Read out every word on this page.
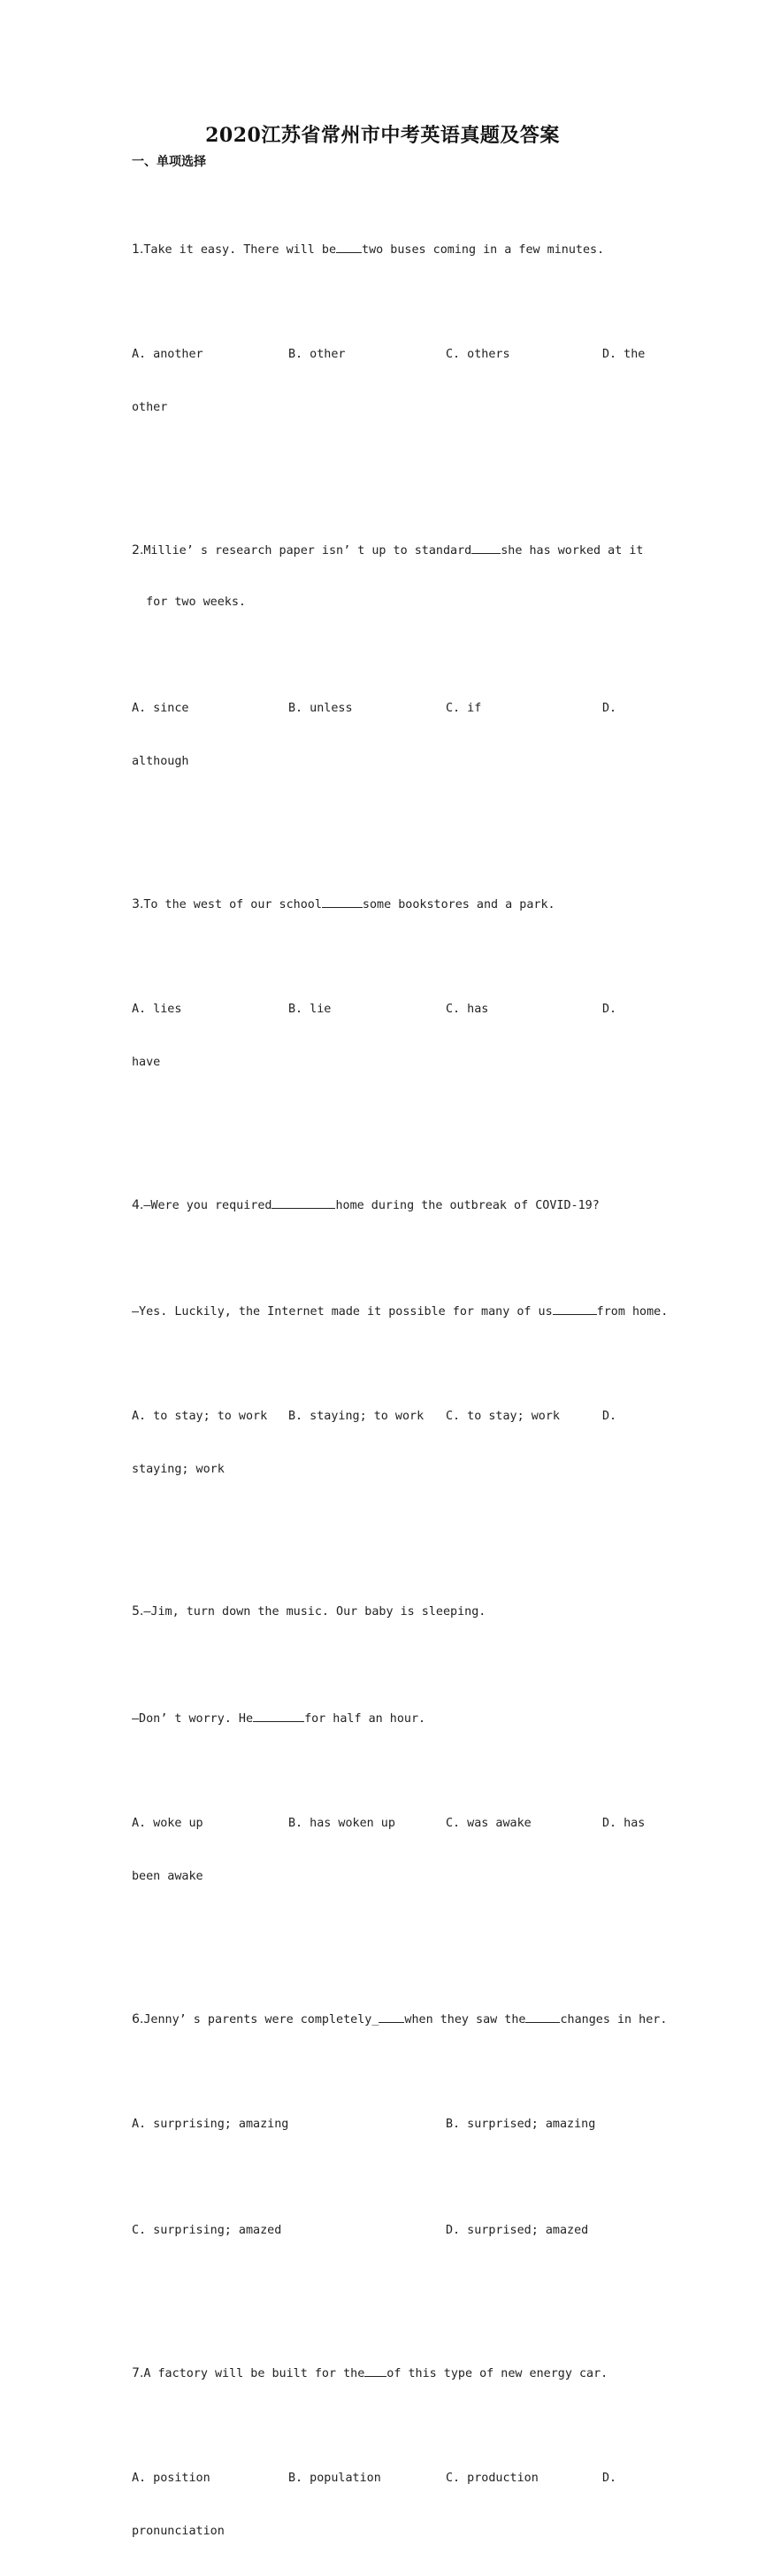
2020江苏省常州市中考英语真题及答案
一、单项选择

1.Take it easy. There will be two buses coming in a few minutes.

A. another

	B. other

	C. others

	D. the

other

2.Millie’ s research paper isn’ t up to standard she has worked at it

for two weeks.

A. since

	B. unless

	C. if

	D.

although

3.To the west of our school	some bookstores and a park.

A. lies

	B. lie

	C. has

	D.

have

4.—Were you required	home during the outbreak of COVID-19?

—Yes. Luckily, the Internet made it possible for many of us	from home.

A. to stay; to work

B. staying; to work

C. to stay; work

	D.

staying; work

5.—Jim, turn down the music. Our baby is sleeping.

—Don’ t worry. He	for half an hour.

A. woke up

	B. has woken up

	C. was awake

	D. has

been awake

6.Jenny’ s parents were completely_ when they saw the	changes in her.

A. surprising; amazing

	B. surprised; amazing

C. surprising; amazed

	D. surprised; amazed

7.A factory will be built for the of this type of new energy car.

A. position

	B. population

	C. production

	D.

pronunciation
